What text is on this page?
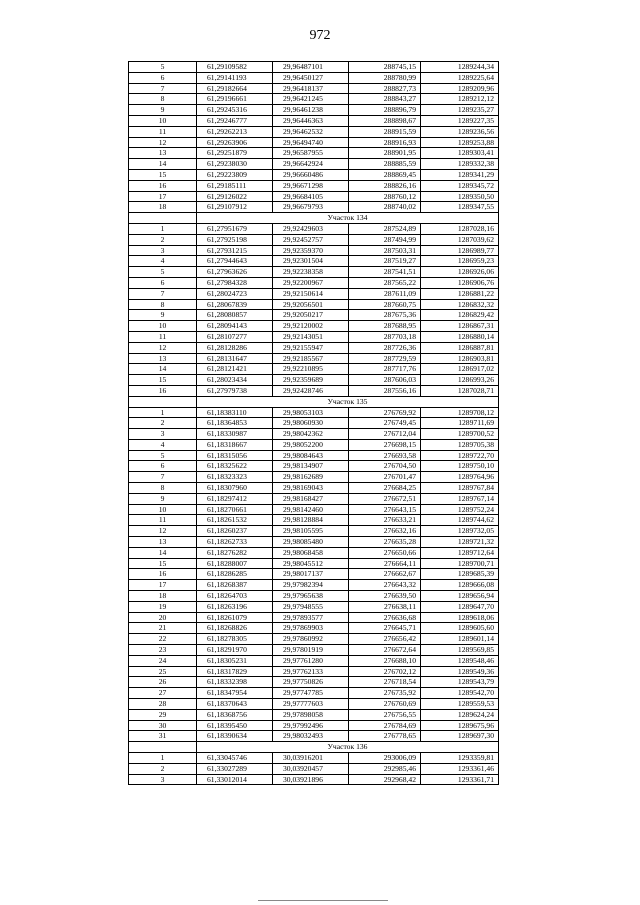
972
5	61,29109582	29,96487101	288745,15	1289244,34
6	61,29141193	29,96450127	288780,99	1289225,64
7	61,29182664	29,96418137	288827,73	1289209,96
8	61,29196661	29,96421245	288843,27	1289212,12
9	61,29245316	29,96461238	288896,79	1289235,27
10	61,29246777	29,96446363	288898,67	1289227,35
11	61,29262213	29,96462532	288915,59	1289236,56
12	61,29263906	29,96494740	288916,93	1289253,88
13	61,29251879	29,96587955	288901,95	1289303,41
14	61,29238030	29,96642924	288885,59	1289332,38
15	61,29223809	29,96660486	288869,45	1289341,29
16	61,29185111	29,96671298	288826,16	1289345,72
17	61,29126022	29,96684105	288760,12	1289350,50
18	61,29107912	29,96679793	288740,02	1289347,55
	Участок 134			
1	61,27951679	29,92429603	287524,89	1287028,16
2	61,27925198	29,92452757	287494,99	1287039,62
3	61,27931215	29,92359370	287503,31	1286989,77
4	61,27944643	29,92301504	287519,27	1286959,23
5	61,27963626	29,92238358	287541,51	1286926,06
6	61,27984328	29,92200967	287565,22	1286906,76
7	61,28024723	29,92150614	287611,09	1286881,22
8	61,28067839	29,92056501	287660,75	1286832,32
9	61,28080857	29,92050217	287675,36	1286829,42
10	61,28094143	29,92120002	287688,95	1286867,31
11	61,28107277	29,92143051	287703,18	1286880,14
12	61,28128286	29,92155947	287726,36	1286887,81
13	61,28131647	29,92185567	287729,59	1286903,81
14	61,28121421	29,92210895	287717,76	1286917,02
15	61,28023434	29,92359689	287606,03	1286993,26
16	61,27979738	29,92428746	287556,16	1287028,71
	Участок 135			
1	61,18383110	29,98053103	276769,92	1289708,12
2	61,18364853	29,98060930	276749,45	1289711,69
3	61,18330987	29,98042362	276712,04	1289700,52
4	61,18318667	29,98052200	276698,15	1289705,38
5	61,18315056	29,98084643	276693,58	1289722,70
6	61,18325622	29,98134907	276704,50	1289750,10
7	61,18323323	29,98162689	276701,47	1289764,96
8	61,18307960	29,98169043	276684,25	1289767,84
9	61,18297412	29,98168427	276672,51	1289767,14
10	61,18270661	29,98142460	276643,15	1289752,24
11	61,18261532	29,98128884	276633,21	1289744,62
12	61,18260237	29,98105595	276632,16	1289732,05
13	61,18262733	29,98085480	276635,28	1289721,32
14	61,18276282	29,98068458	276650,66	1289712,64
15	61,18288007	29,98045512	276664,11	1289700,71
16	61,18286285	29,98017137	276662,67	1289685,39
17	61,18268387	29,97982394	276643,32	1289666,08
18	61,18264703	29,97965638	276639,50	1289656,94
19	61,18263196	29,97948555	276638,11	1289647,70
20	61,18261079	29,97893577	276636,68	1289618,06
21	61,18268826	29,97869903	276645,71	1289605,60
22	61,18278305	29,97860992	276656,42	1289601,14
23	61,18291970	29,97801919	276672,64	1289569,85
24	61,18305231	29,97761280	276688,10	1289548,46
25	61,18317829	29,97762133	276702,12	1289549,36
26	61,18332398	29,97750826	276718,54	1289543,79
27	61,18347954	29,97747785	276735,92	1289542,70
28	61,18370643	29,97777603	276760,69	1289559,53
29	61,18368756	29,97898058	276756,55	1289624,24
30	61,18395450	29,97992496	276784,69	1289675,96
31	61,18390634	29,98032493	276778,65	1289697,30
	Участок 136			
1	61,33045746	30,03916201	293006,09	1293359,81
2	61,33027289	30,03920457	292985,46	1293361,46
3	61,33012014	30,03921896	292968,42	1293361,71
